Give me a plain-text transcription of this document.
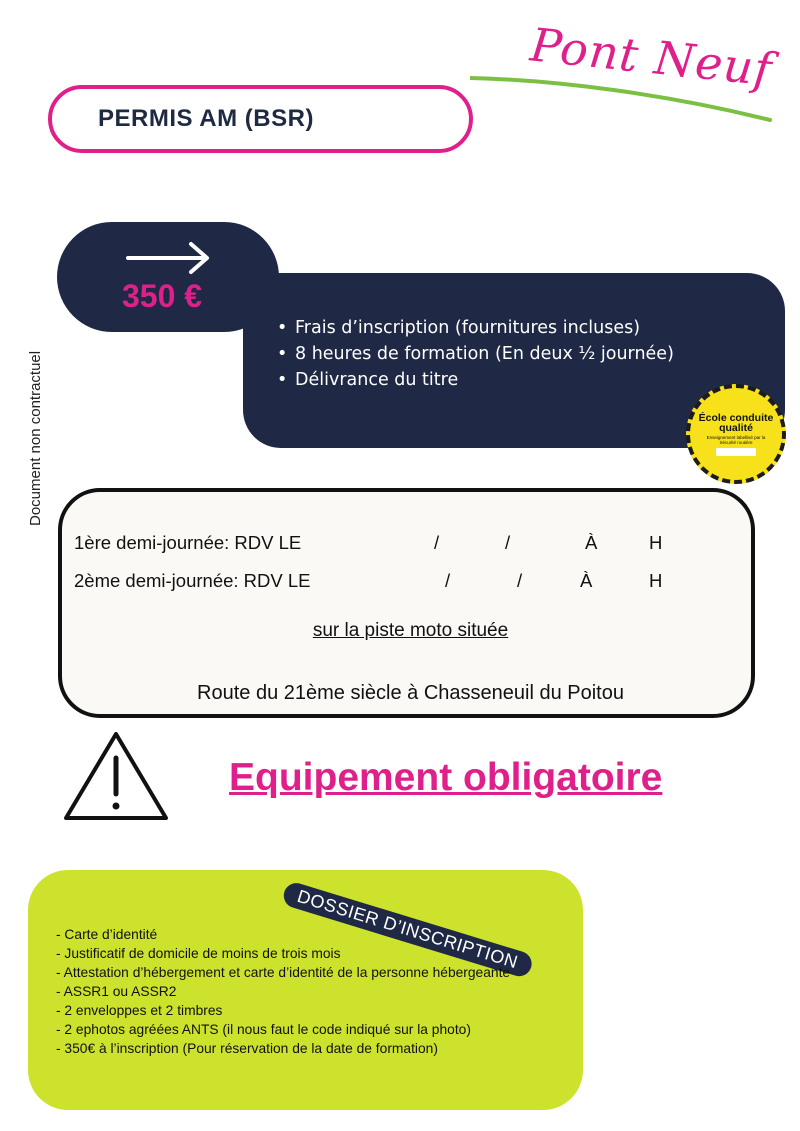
Pont Neuf
PERMIS AM (BSR)
Document non contractuel
350 €
• Frais d’inscription (fournitures incluses)
• 8 heures de formation (En deux ½ journée)
• Délivrance du titre
École conduite qualité
Enseignement labellisé par la Sécurité routière
1ère demi-journée: RDV LE	/	/	À	H
2ème demi-journée: RDV LE	/	/	À	H
sur la piste moto située
Route du 21ème siècle à Chasseneuil du Poitou
Equipement obligatoire
DOSSIER D’INSCRIPTION
- Carte d’identité
- Justificatif de domicile de moins de trois mois
- Attestation d’hébergement et carte d’identité de la personne hébergeante
- ASSR1 ou ASSR2
- 2 enveloppes et 2 timbres
- 2 ephotos agréées ANTS (il nous faut le code indiqué sur la photo)
- 350€ à l’inscription (Pour réservation de la date de formation)
